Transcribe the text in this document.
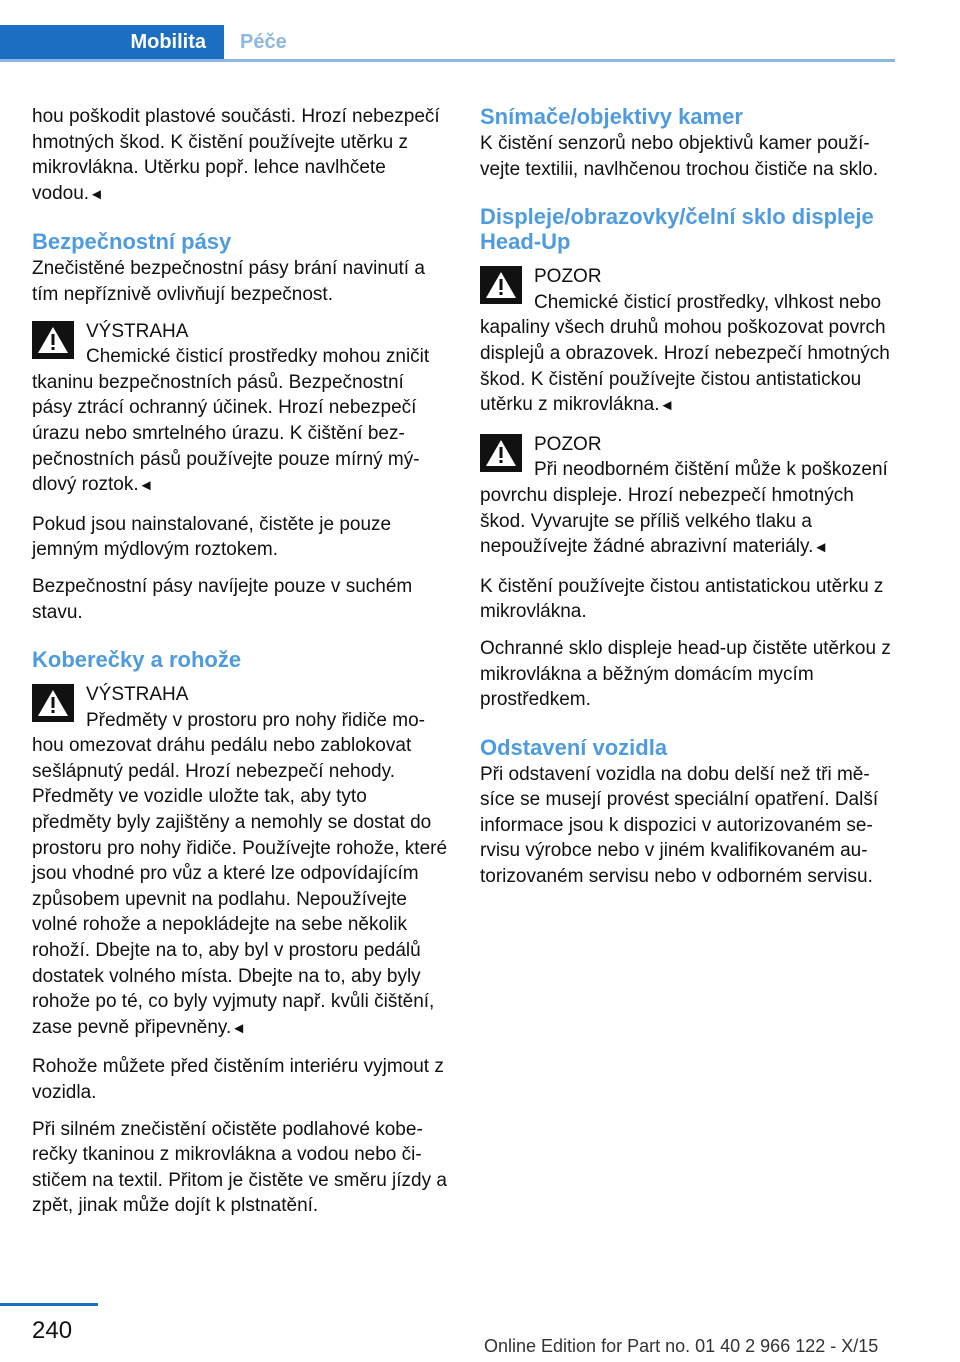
Mobilita	Péče

hou poškodit plastové součásti. Hrozí nebezpečí hmotných škod. K čistění používejte utěrku z mikrovlákna. Utěrku popř. lehce navlhčete vodou.◄

Bezpečnostní pásy

Znečistěné bezpečnostní pásy brání navinutí a tím nepříznivě ovlivňují bezpečnost.

VÝSTRAHA
Chemické čisticí prostředky mohou zničit tkaninu bezpečnostních pásů. Bezpečnostní pásy ztrácí ochranný účinek. Hrozí nebezpečí úrazu nebo smrtelného úrazu. K čištění bezpečnostních pásů používejte pouze mírný mýdlový roztok.◄

Pokud jsou nainstalované, čistěte je pouze jemným mýdlovým roztokem.

Bezpečnostní pásy navíjejte pouze v suchém stavu.

Koberečky a rohože
VÝSTRAHA
Předměty v prostoru pro nohy řidiče mohou omezovat dráhu pedálu nebo zablokovat sešlápnutý pedál. Hrozí nebezpečí nehody. Předměty ve vozidle uložte tak, aby tyto předměty byly zajištěny a nemohly se dostat do prostoru pro nohy řidiče. Používejte rohože, které jsou vhodné pro vůz a které lze odpovídajícím způsobem upevnit na podlahu. Nepoužívejte volné rohože a nepokládejte na sebe několik rohoží. Dbejte na to, aby byl v prostoru pedálů dostatek volného místa. Dbejte na to, aby byly rohože po té, co byly vyjmuty např. kvůli čištění, zase pevně připevněny.◄

Rohože můžete před čistěním interiéru vyjmout z vozidla.

Při silném znečistění očistěte podlahové koberečky tkaninou z mikrovlákna a vodou nebo čističem na textil. Přitom je čistěte ve směru jízdy a zpět, jinak může dojít k plstnatění.

Snímače/objektivy kamer

K čistění senzorů nebo objektivů kamer používejte textilii, navlhčenou trochou čističe na sklo.

Displeje/obrazovky/čelní sklo displeje Head-Up
POZOR
Chemické čisticí prostředky, vlhkost nebo kapaliny všech druhů mohou poškozovat povrch displejů a obrazovek. Hrozí nebezpečí hmotných škod. K čistění používejte čistou antistatickou utěrku z mikrovlákna.◄
POZOR
Při neodborném čištění může k poškození povrchu displeje. Hrozí nebezpečí hmotných škod. Vyvarujte se příliš velkého tlaku a nepoužívejte žádné abrazivní materiály.◄

K čistění používejte čistou antistatickou utěrku z mikrovlákna.

Ochranné sklo displeje head-up čistěte utěrkou z mikrovlákna a běžným domácím mycím prostředkem.

Odstavení vozidla

Při odstavení vozidla na dobu delší než tři měsíce se musejí provést speciální opatření. Další informace jsou k dispozici v autorizovaném servisu výrobce nebo v jiném kvalifikovaném autorizovaném servisu nebo v odborném servisu.

240
Online Edition for Part no. 01 40 2 966 122 - X/15
